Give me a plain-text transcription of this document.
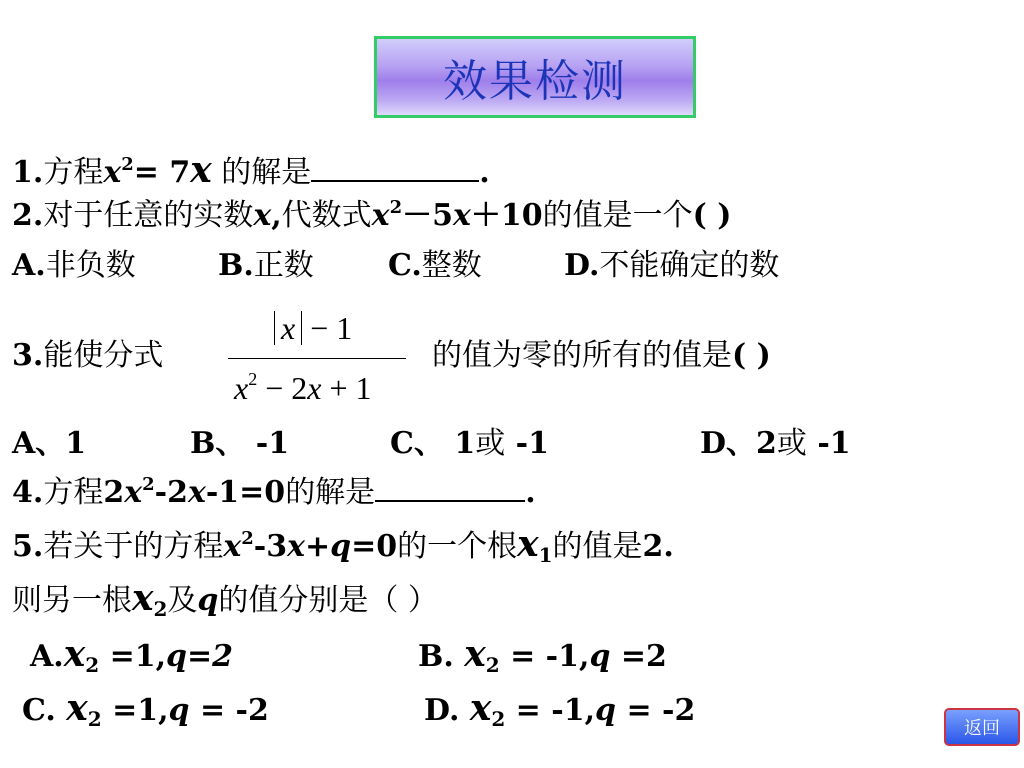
效果检测
1.方程$x^2= 7x$ 的解是	.
2.对于任意的实数x,代数式$x^2-5x+10$的值是一个( )
A.非负数	B.正数 C.整数	D.不能确定的数
3.能使分式
x − 1
$x^2 - 2x + 1$
的值为零的所有的值是( )
A、1	B、 -1	C、 1或 -1	D、2或 -1
4.方程$2x^2-2x-1=0$的解是	.
5.若关于的方程$x^2-3x+q=0$的一个根$x_1$的值是2.
则另一根$x_2$及q的值分别是（ ）
$A.x_2 =1,q=2$	B. $x_2 = -1,q =2$
C. $x_2 =1,q = -2$	D. $x_2 = -1,q = -2$
返回
